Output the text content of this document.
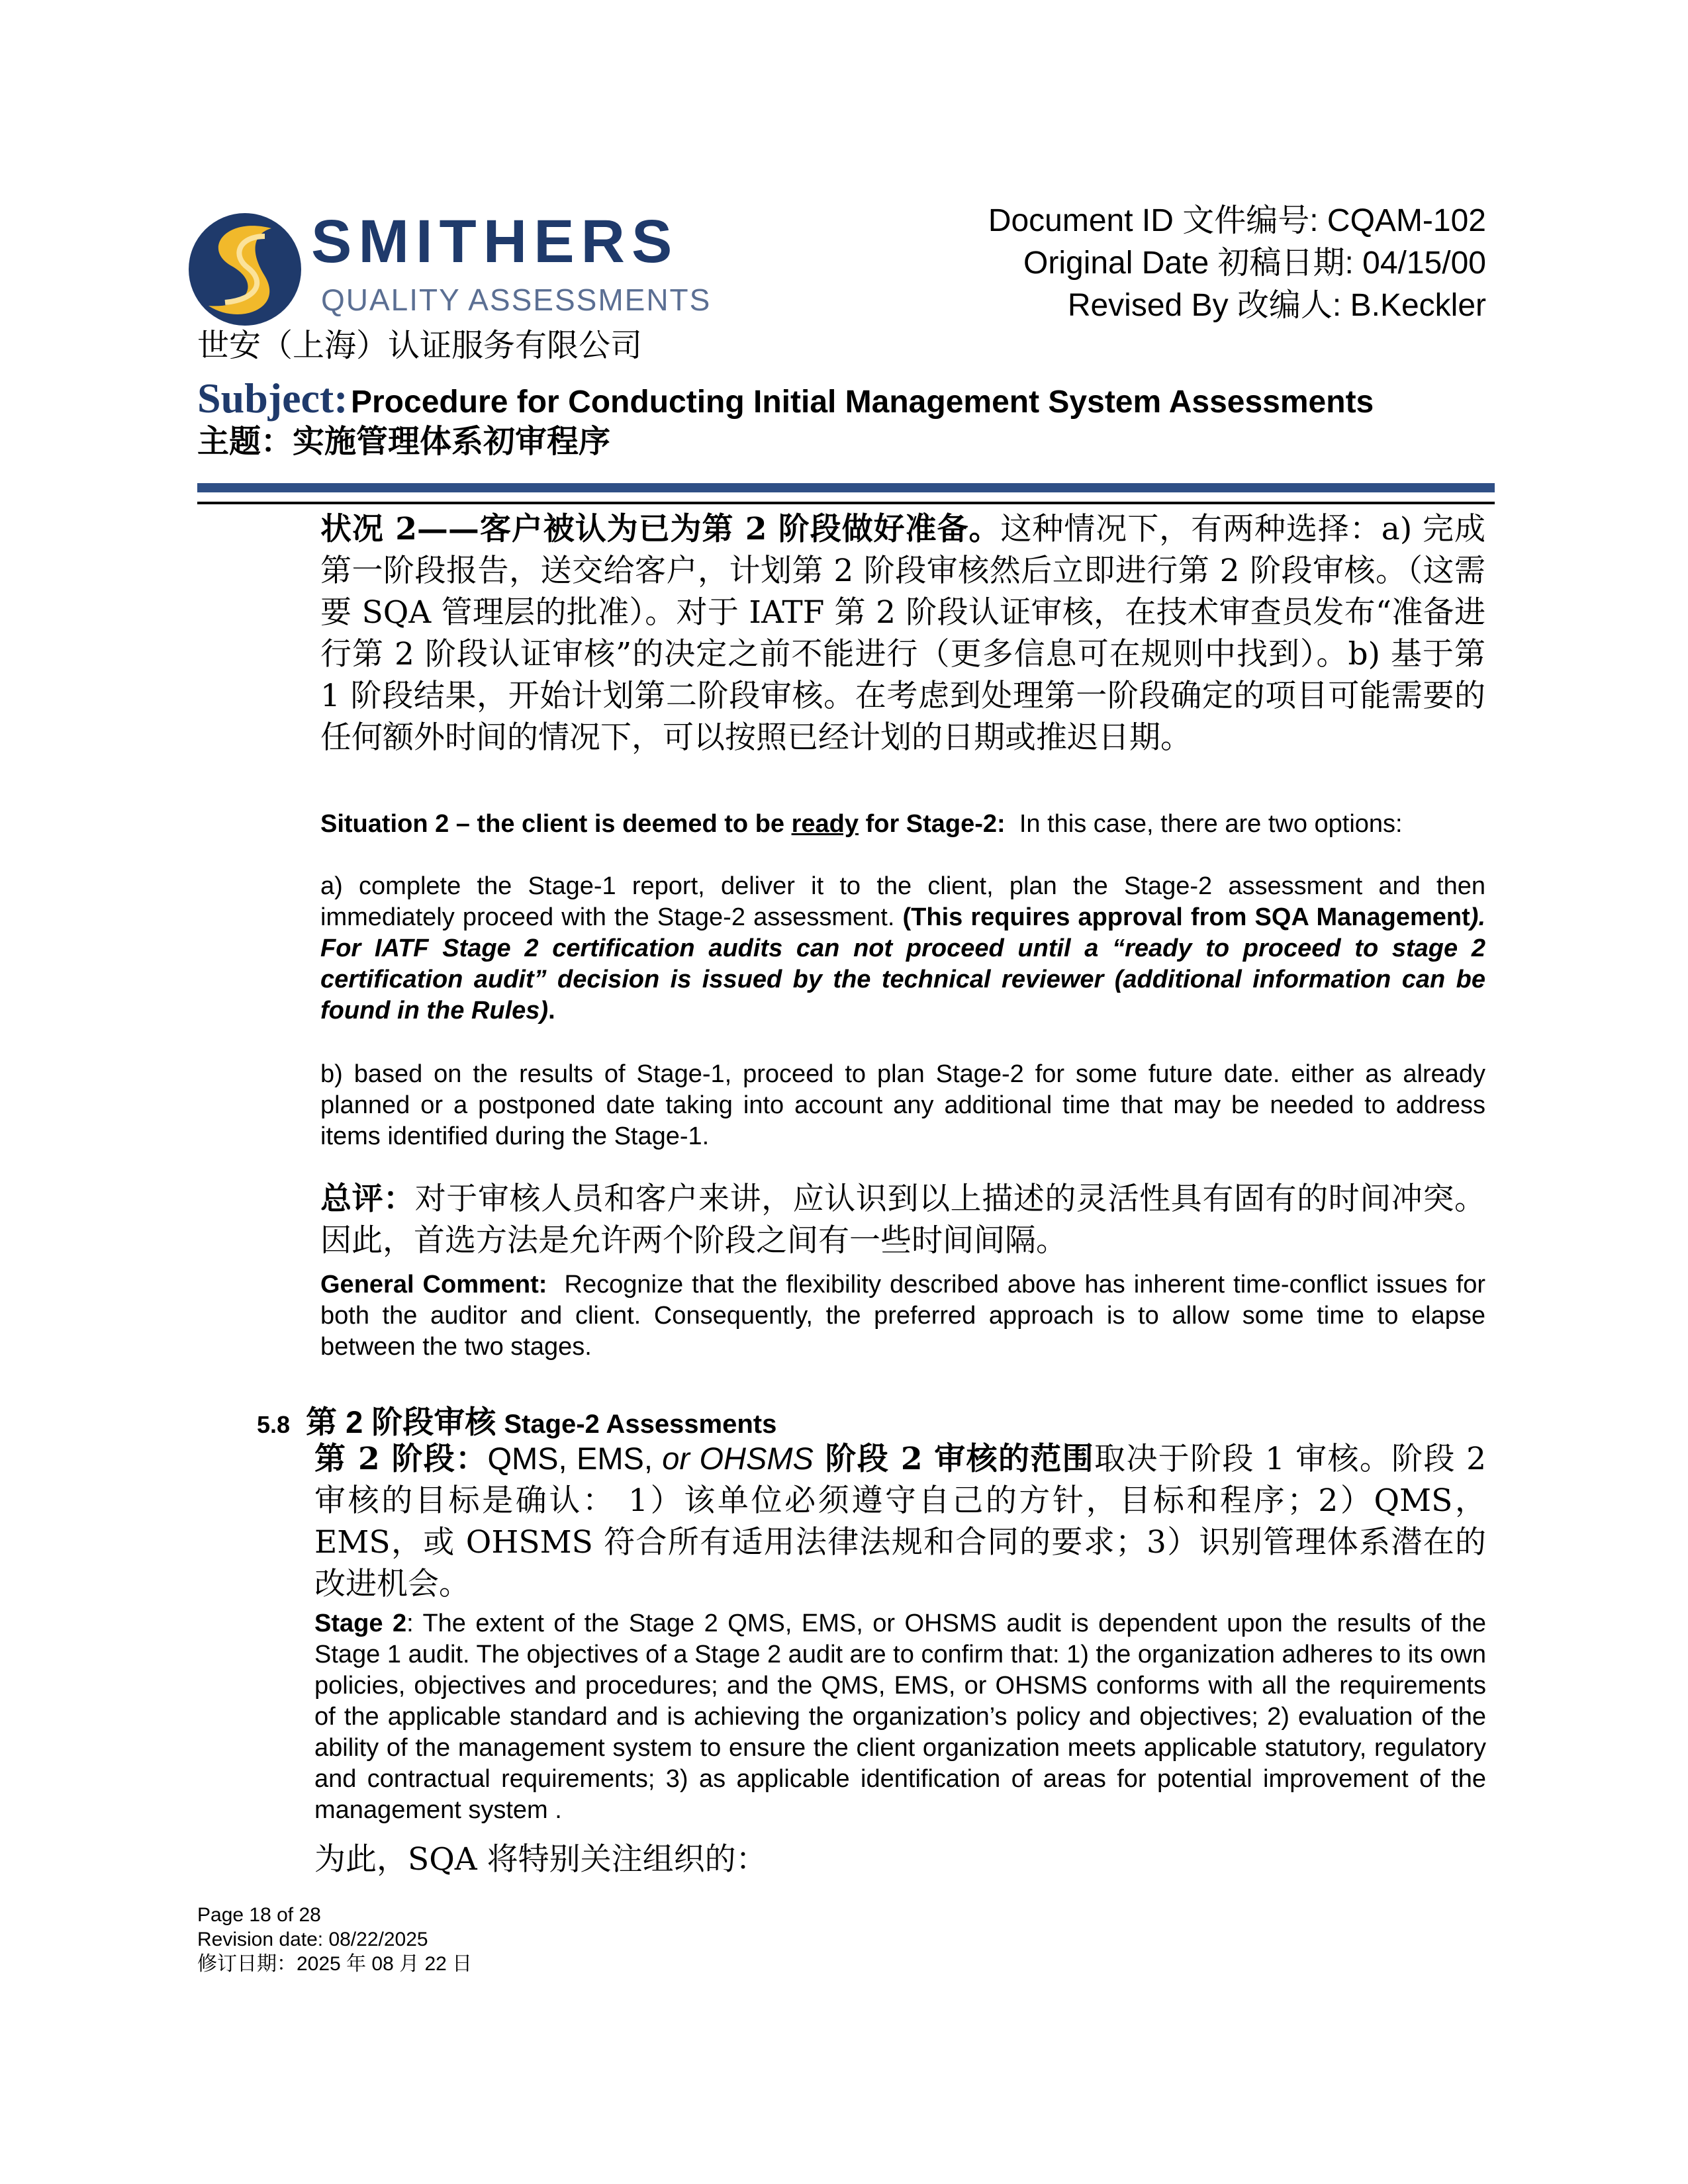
SMITHERS
QUALITY ASSESSMENTS
世安（上海）认证服务有限公司
Document ID 文件编号: CQAM-102
Original Date 初稿日期: 04/15/00
Revised By 改编人: B.Keckler
Subject: Procedure for Conducting Initial Management System Assessments
主题：实施管理体系初审程序
状况 2——客户被认为已为第 2 阶段做好准备。这种情况下，有两种选择：a) 完成第一阶段报告，送交给客户，计划第 2 阶段审核然后立即进行第 2 阶段审核。（这需要 SQA 管理层的批准）。对于 IATF 第 2 阶段认证审核，在技术审查员发布“准备进行第 2 阶段认证审核”的决定之前不能进行（更多信息可在规则中找到）。b) 基于第 1 阶段结果，开始计划第二阶段审核。在考虑到处理第一阶段确定的项目可能需要的任何额外时间的情况下，可以按照已经计划的日期或推迟日期。
Situation 2 – the client is deemed to be ready for Stage-2: In this case, there are two options:
a) complete the Stage-1 report, deliver it to the client, plan the Stage-2 assessment and then immediately proceed with the Stage-2 assessment. (This requires approval from SQA Management). For IATF Stage 2 certification audits can not proceed until a “ready to proceed to stage 2 certification audit” decision is issued by the technical reviewer (additional information can be found in the Rules).
b) based on the results of Stage-1, proceed to plan Stage-2 for some future date. either as already planned or a postponed date taking into account any additional time that may be needed to address items identified during the Stage-1.
总评：对于审核人员和客户来讲，应认识到以上描述的灵活性具有固有的时间冲突。因此，首选方法是允许两个阶段之间有一些时间间隔。
General Comment: Recognize that the flexibility described above has inherent time-conflict issues for both the auditor and client. Consequently, the preferred approach is to allow some time to elapse between the two stages.
5.8 第 2 阶段审核 Stage-2 Assessments
第 2 阶段：QMS, EMS, or OHSMS 阶段 2 审核的范围取决于阶段 1 审核。阶段 2 审核的目标是确认： 1）该单位必须遵守自己的方针，目标和程序；2）QMS，EMS，或 OHSMS 符合所有适用法律法规和合同的要求；3）识别管理体系潜在的改进机会。
Stage 2: The extent of the Stage 2 QMS, EMS, or OHSMS audit is dependent upon the results of the Stage 1 audit. The objectives of a Stage 2 audit are to confirm that: 1) the organization adheres to its own policies, objectives and procedures; and the QMS, EMS, or OHSMS conforms with all the requirements of the applicable standard and is achieving the organization’s policy and objectives; 2) evaluation of the ability of the management system to ensure the client organization meets applicable statutory, regulatory and contractual requirements; 3) as applicable identification of areas for potential improvement of the management system .
为此，SQA 将特别关注组织的：
Page 18 of 28
Revision date: 08/22/2025
修订日期：2025 年 08 月 22 日
